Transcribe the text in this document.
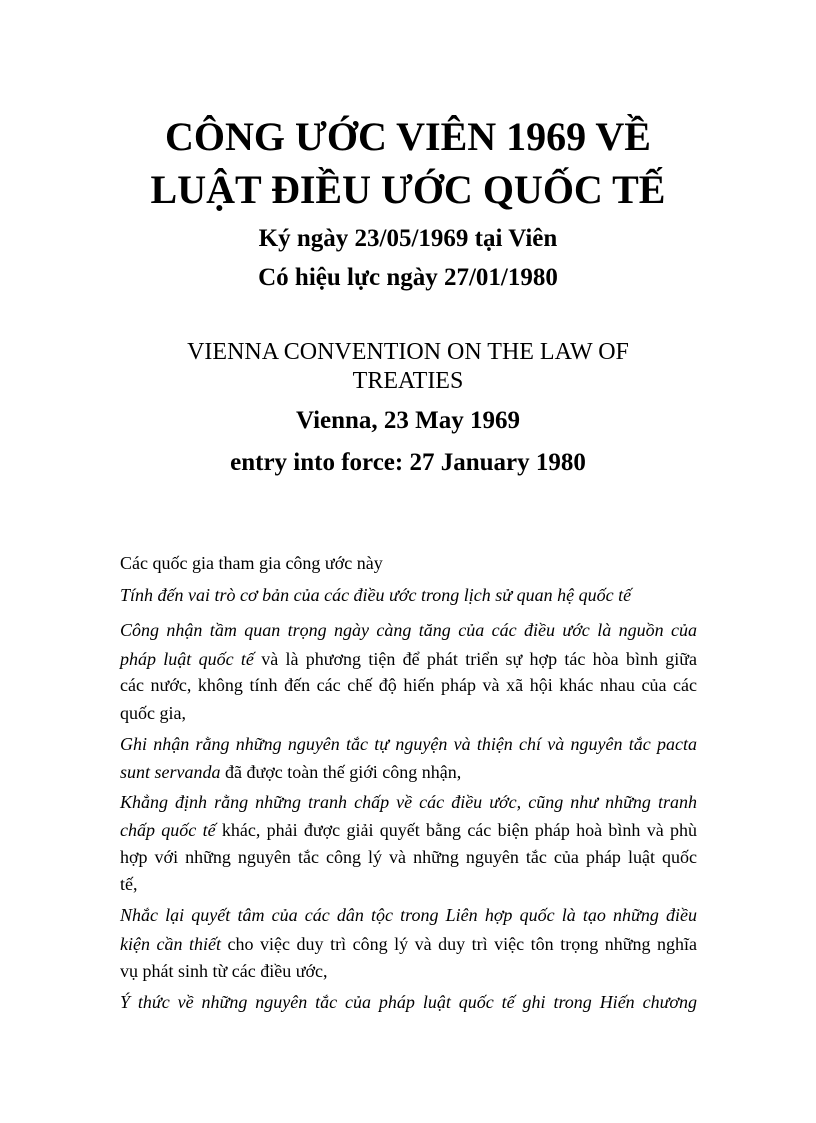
CÔNG ƯỚC VIÊN 1969 VỀ
LUẬT ĐIỀU ƯỚC QUỐC TẾ
Ký ngày 23/05/1969 tại Viên
Có hiệu lực ngày 27/01/1980
VIENNA CONVENTION ON THE LAW OF
TREATIES
Vienna, 23 May 1969
entry into force: 27 January 1980
Các quốc gia tham gia công ước này
Tính đến vai trò cơ bản của các điều ước trong lịch sử quan hệ quốc tế
Công nhận tầm quan trọng ngày càng tăng của các điều ước là nguồn của
pháp luật quốc tế và là phương tiện để phát triển sự hợp tác hòa bình giữa
các nước, không tính đến các chế độ hiến pháp và xã hội khác nhau của các
quốc gia,
Ghi nhận rằng những nguyên tắc tự nguyện và thiện chí và nguyên tắc pacta
sunt servanda đã được toàn thế giới công nhận,
Khẳng định rằng những tranh chấp về các điều ước, cũng như những tranh
chấp quốc tế khác, phải được giải quyết bằng các biện pháp hoà bình và phù
hợp với những nguyên tắc công lý và những nguyên tắc của pháp luật quốc
tế,
Nhắc lại quyết tâm của các dân tộc trong Liên hợp quốc là tạo những điều
kiện cần thiết cho việc duy trì công lý và duy trì việc tôn trọng những nghĩa
vụ phát sinh từ các điều ước,
Ý thức về những nguyên tắc của pháp luật quốc tế ghi trong Hiến chương
